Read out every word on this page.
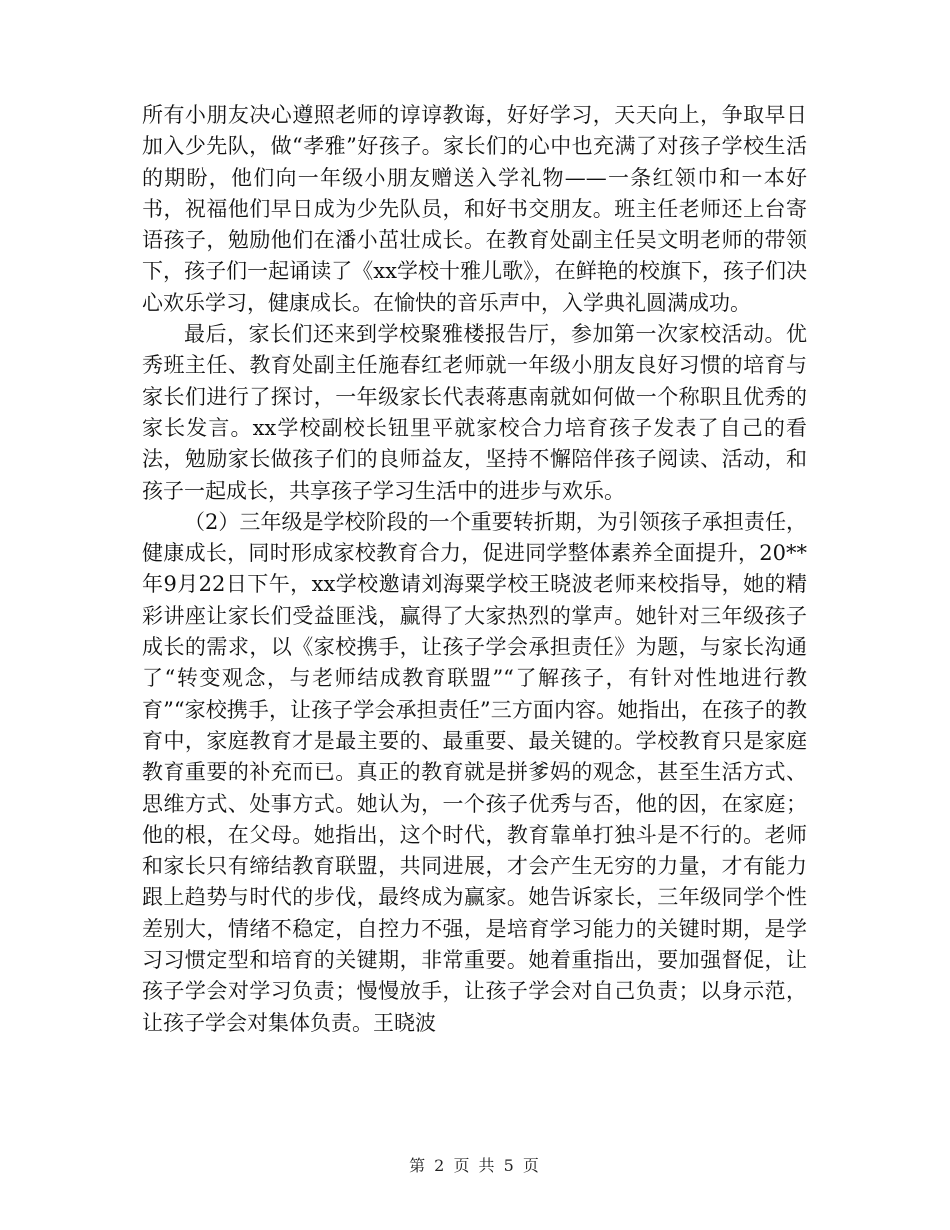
所有小朋友决心遵照老师的谆谆教诲，好好学习，天天向上，争取早日加入少先队，做“孝雅”好孩子。家长们的心中也充满了对孩子学校生活的期盼，他们向一年级小朋友赠送入学礼物——一条红领巾和一本好书，祝福他们早日成为少先队员，和好书交朋友。班主任老师还上台寄语孩子，勉励他们在潘小茁壮成长。在教育处副主任吴文明老师的带领下，孩子们一起诵读了《xx学校十雅儿歌》，在鲜艳的校旗下，孩子们决心欢乐学习，健康成长。在愉快的音乐声中，入学典礼圆满成功。

最后，家长们还来到学校聚雅楼报告厅，参加第一次家校活动。优秀班主任、教育处副主任施春红老师就一年级小朋友良好习惯的培育与家长们进行了探讨，一年级家长代表蒋惠南就如何做一个称职且优秀的家长发言。xx学校副校长钮里平就家校合力培育孩子发表了自己的看法，勉励家长做孩子们的良师益友，坚持不懈陪伴孩子阅读、活动，和孩子一起成长，共享孩子学习生活中的进步与欢乐。

（2）三年级是学校阶段的一个重要转折期，为引领孩子承担责任，健康成长，同时形成家校教育合力，促进同学整体素养全面提升，20**年9月22日下午，xx学校邀请刘海粟学校王晓波老师来校指导，她的精彩讲座让家长们受益匪浅，赢得了大家热烈的掌声。她针对三年级孩子成长的需求，以《家校携手，让孩子学会承担责任》为题，与家长沟通了“转变观念，与老师结成教育联盟”“了解孩子，有针对性地进行教育”“家校携手，让孩子学会承担责任”三方面内容。她指出，在孩子的教育中，家庭教育才是最主要的、最重要、最关键的。学校教育只是家庭教育重要的补充而已。真正的教育就是拼爹妈的观念，甚至生活方式、思维方式、处事方式。她认为，一个孩子优秀与否，他的因，在家庭；他的根，在父母。她指出，这个时代，教育靠单打独斗是不行的。老师和家长只有缔结教育联盟，共同进展，才会产生无穷的力量，才有能力跟上趋势与时代的步伐，最终成为赢家。她告诉家长，三年级同学个性差别大，情绪不稳定，自控力不强，是培育学习能力的关键时期，是学习习惯定型和培育的关键期，非常重要。她着重指出，要加强督促，让孩子学会对学习负责；慢慢放手，让孩子学会对自己负责；以身示范，让孩子学会对集体负责。王晓波

第 2 页 共 5 页
